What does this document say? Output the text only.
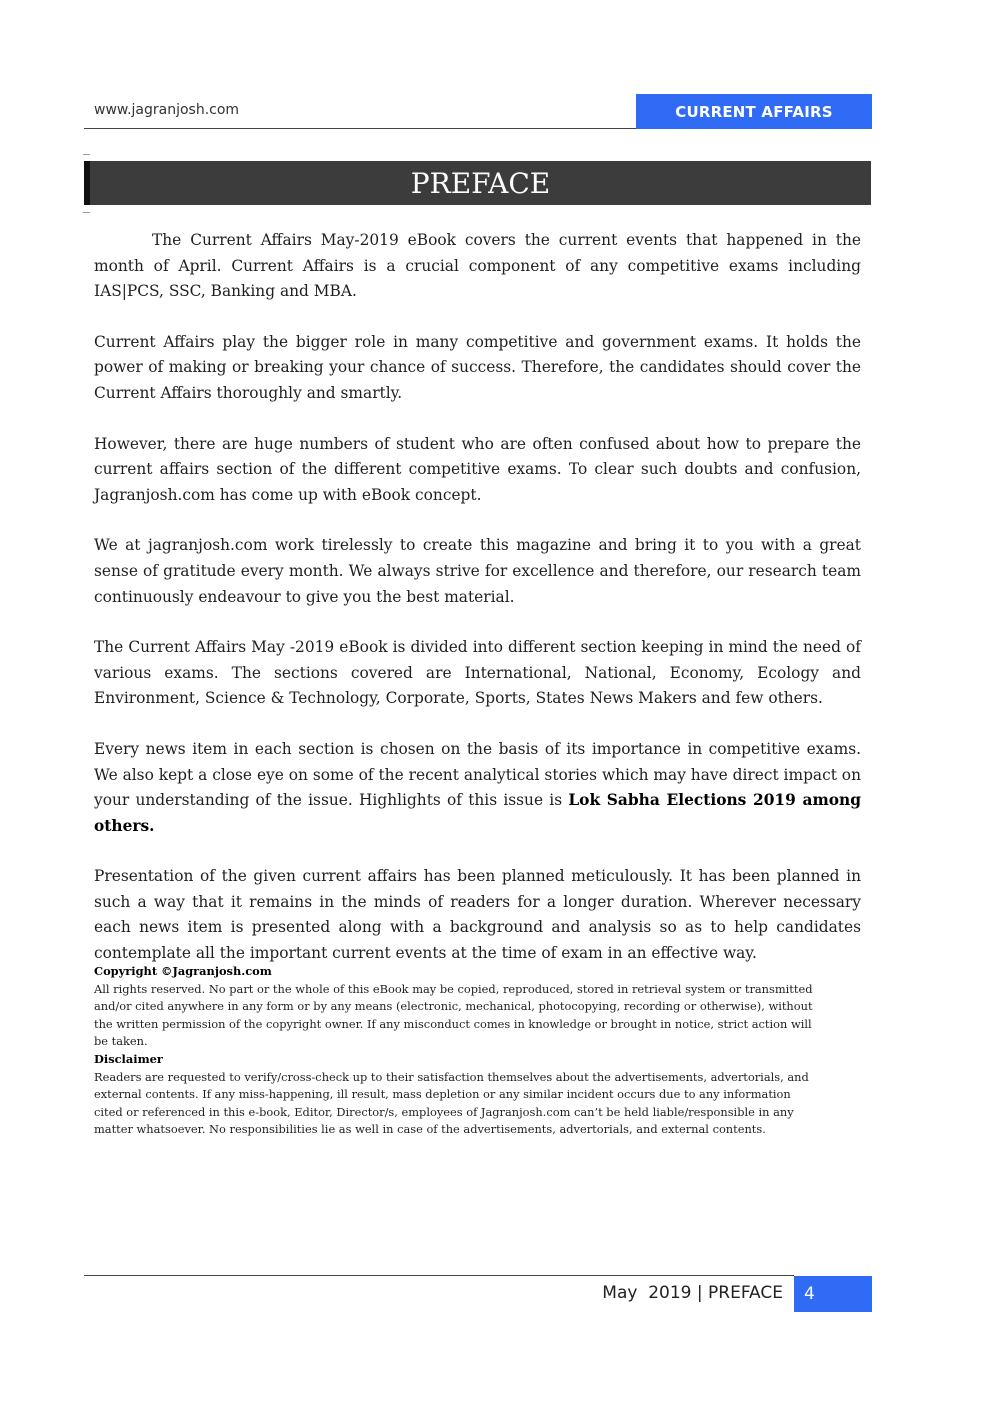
www.jagranjosh.com	CURRENT AFFAIRS
PREFACE

The Current Affairs May-2019 eBook covers the current events that happened in the month of April. Current Affairs is a crucial component of any competitive exams including IAS|PCS, SSC, Banking and MBA.

Current Affairs play the bigger role in many competitive and government exams. It holds the power of making or breaking your chance of success. Therefore, the candidates should cover the Current Affairs thoroughly and smartly.

However, there are huge numbers of student who are often confused about how to prepare the current affairs section of the different competitive exams. To clear such doubts and confusion, Jagranjosh.com has come up with eBook concept.

We at jagranjosh.com work tirelessly to create this magazine and bring it to you with a great sense of gratitude every month. We always strive for excellence and therefore, our research team continuously endeavour to give you the best material.

The Current Affairs May -2019 eBook is divided into different section keeping in mind the need of various exams. The sections covered are International, National, Economy, Ecology and Environment, Science & Technology, Corporate, Sports, States News Makers and few others.

Every news item in each section is chosen on the basis of its importance in competitive exams. We also kept a close eye on some of the recent analytical stories which may have direct impact on your understanding of the issue. Highlights of this issue is Lok Sabha Elections 2019 among others.

Presentation of the given current affairs has been planned meticulously. It has been planned in such a way that it remains in the minds of readers for a longer duration. Wherever necessary each news item is presented along with a background and analysis so as to help candidates contemplate all the important current events at the time of exam in an effective way.

Copyright ©Jagranjosh.com
All rights reserved. No part or the whole of this eBook may be copied, reproduced, stored in retrieval system or transmitted and/or cited anywhere in any form or by any means (electronic, mechanical, photocopying, recording or otherwise), without the written permission of the copyright owner. If any misconduct comes in knowledge or brought in notice, strict action will be taken.
Disclaimer
Readers are requested to verify/cross-check up to their satisfaction themselves about the advertisements, advertorials, and external contents. If any miss-happening, ill result, mass depletion or any similar incident occurs due to any information cited or referenced in this e-book, Editor, Director/s, employees of Jagranjosh.com can’t be held liable/responsible in any matter whatsoever. No responsibilities lie as well in case of the advertisements, advertorials, and external contents.
May  2019 | PREFACE	4
